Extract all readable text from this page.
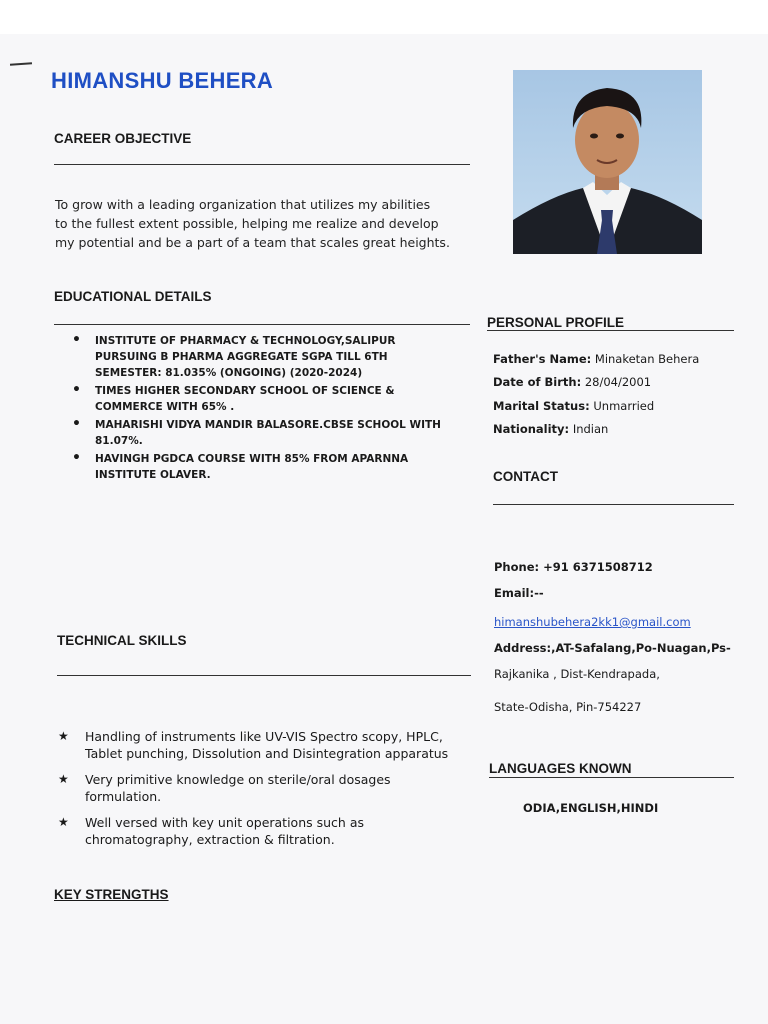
HIMANSHU BEHERA
CAREER OBJECTIVE
To grow with a leading organization that utilizes my abilities
to the fullest extent possible, helping me realize and develop
my potential and be a part of a team that scales great heights.
EDUCATIONAL DETAILS
• INSTITUTE OF PHARMACY & TECHNOLOGY,SALIPUR PURSUING B PHARMA AGGREGATE SGPA TILL 6TH SEMESTER: 81.035% (ONGOING) (2020-2024)
• TIMES HIGHER SECONDARY SCHOOL OF SCIENCE & COMMERCE WITH 65% .
• MAHARISHI VIDYA MANDIR BALASORE.CBSE SCHOOL WITH 81.07%.
• HAVINGH PGDCA COURSE WITH 85% FROM APARNNA INSTITUTE OLAVER.
TECHNICAL SKILLS
★ Handling of instruments like UV-VIS Spectro scopy, HPLC, Tablet punching, Dissolution and Disintegration apparatus
★ Very primitive knowledge on sterile/oral dosages formulation.
★ Well versed with key unit operations such as chromatography, extraction & filtration.
KEY STRENGTHS
PERSONAL PROFILE
Father's Name: Minaketan Behera
Date of Birth: 28/04/2001
Marital Status: Unmarried
Nationality: Indian
CONTACT
Phone: +91 6371508712
Email:--
himanshubehera2kk1@gmail.com
Address:,AT-Safalang,Po-Nuagan,Ps-
Rajkanika , Dist-Kendrapada,
State-Odisha, Pin-754227
LANGUAGES KNOWN
ODIA,ENGLISH,HINDI
